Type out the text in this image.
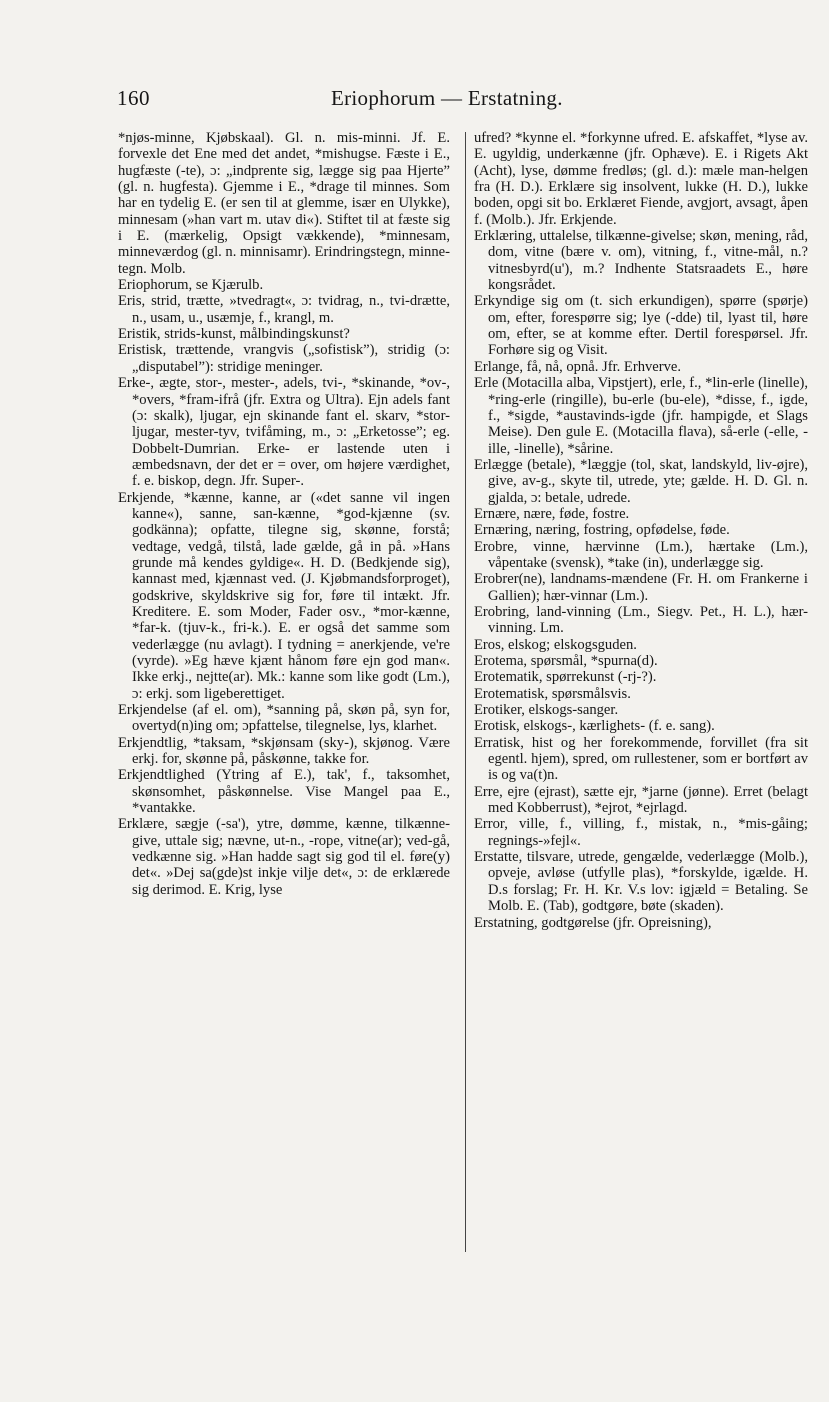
160	Eriophorum — Erstatning.

*njøs-minne, Kjøbskaal). Gl. n. mis-minni. Jf. E. forvexle det Ene med det andet, *mishugse. Fæste i E., hugfæste (-te), ɔ: „indprente sig, lægge sig paa Hjerte” (gl. n. hugfesta). Gjemme i E., *drage til minnes. Som har en tydelig E. (er sen til at glemme, især en Ulykke), minnesam (»han vart m. utav di«). Stiftet til at fæste sig i E. (mærkelig, Opsigt vækkende), *minnesam, minneværdog (gl. n. minnisamr). Erindringstegn, minne-tegn. Molb.

Eriophorum, se Kjærulb.

Eris, strid, trætte, »tvedragt«, ɔ: tvidrag, n., tvi-drætte, n., usam, u., usæmje, f., krangl, m.

Eristik, strids-kunst, målbindingskunst?

Eristisk, trættende, vrangvis („sofistisk”), stridig (ɔ: „disputabel”): stridige meninger.

Erke-, ægte, stor-, mester-, adels, tvi-, *skinande, *ov-, *overs, *fram-ifrå (jfr. Extra og Ultra). Ejn adels fant (ɔ: skalk), ljugar, ejn skinande fant el. skarv, *stor-ljugar, mester-tyv, tvifåming, m., ɔ: „Erketosse”; eg. Dobbelt-Dumrian. Erke- er lastende uten i æmbedsnavn, der det er = over, om højere værdighet, f. e. biskop, degn. Jfr. Super-.

Erkjende, *kænne, kanne, ar («det sanne vil ingen kanne«), sanne, san-kænne, *god-kjænne (sv. godkänna); opfatte, tilegne sig, skønne, forstå; vedtage, vedgå, tilstå, lade gælde, gå in på. »Hans grunde må kendes gyldige«. H. D. (Bedkjende sig), kannast med, kjænnast ved. (J. Kjøbmandsforproget), godskrive, skyldskrive sig for, føre til intækt. Jfr. Kreditere. E. som Moder, Fader osv., *mor-kænne, *far-k. (tjuv-k., fri-k.). E. er også det samme som vederlægge (nu avlagt). I tydning = anerkjende, ve're (vyrde). »Eg hæve kjænt hånom føre ejn god man«. Ikke erkj., nejtte(ar). Mk.: kanne som like godt (Lm.), ɔ: erkj. som ligeberettiget.

Erkjendelse (af el. om), *sanning på, skøn på, syn for, overtyd(n)ing om; ɔpfattelse, tilegnelse, lys, klarhet.

Erkjendtlig, *taksam, *skjønsam (sky-), skjønog. Være erkj. for, skønne på, påskønne, takke for.

Erkjendtlighed (Ytring af E.), tak', f., taksomhet, skønsomhet, påskønnelse. Vise Mangel paa E., *vantakke.

Erklære, sægje (-sa'), ytre, dømme, kænne, tilkænne-give, uttale sig; nævne, ut-n., -rope, vitne(ar); ved-gå, vedkænne sig. »Han hadde sagt sig god til el. føre(y) det«. »Dej sa(gde)st inkje vilje det«, ɔ: de erklærede sig derimod. E. Krig, lyse

ufred? *kynne el. *forkynne ufred. E. afskaffet, *lyse av. E. ugyldig, underkænne (jfr. Ophæve). E. i Rigets Akt (Acht), lyse, dømme fredløs; (gl. d.): mæle man-helgen fra (H. D.). Erklære sig insolvent, lukke (H. D.), lukke boden, opgi sit bo. Erklæret Fiende, avgjort, avsagt, åpen f. (Molb.). Jfr. Erkjende.

Erklæring, uttalelse, tilkænne-givelse; skøn, mening, råd, dom, vitne (bære v. om), vitning, f., vitne-mål, n.? vitnesbyrd(u'), m.? Indhente Statsraadets E., høre kongsrådet.

Erkyndige sig om (t. sich erkundigen), spørre (spørje) om, efter, forespørre sig; lye (-dde) til, lyast til, høre om, efter, se at komme efter. Dertil forespørsel. Jfr. Forhøre sig og Visit.

Erlange, få, nå, opnå. Jfr. Erhverve.

Erle (Motacilla alba, Vipstjert), erle, f., *lin-erle (linelle), *ring-erle (ringille), bu-erle (bu-ele), *disse, f., igde, f., *sigde, *austavinds-igde (jfr. hampigde, et Slags Meise). Den gule E. (Motacilla flava), så-erle (-elle, -ille, -linelle), *sårine.

Erlægge (betale), *læggje (tol, skat, landskyld, liv-øjre), give, av-g., skyte til, utrede, yte; gælde. H. D. Gl. n. gjalda, ɔ: betale, udrede.

Ernære, nære, føde, fostre.

Ernæring, næring, fostring, opfødelse, føde.

Erobre, vinne, hærvinne (Lm.), hærtake (Lm.), våpentake (svensk), *take (in), underlægge sig.

Erobrer(ne), landnams-mændene (Fr. H. om Frankerne i Gallien); hær-vinnar (Lm.).

Erobring, land-vinning (Lm., Siegv. Pet., H. L.), hær-vinning. Lm.

Eros, elskog; elskogsguden.

Erotema, spørsmål, *spurna(d).

Erotematik, spørrekunst (-rj-?).

Erotematisk, spørsmålsvis.

Erotiker, elskogs-sanger.

Erotisk, elskogs-, kærlighets- (f. e. sang).

Erratisk, hist og her forekommende, forvillet (fra sit egentl. hjem), spred, om rullestener, som er bortført av is og va(t)n.

Erre, ejre (ejrast), sætte ejr, *jarne (jønne). Erret (belagt med Kobberrust), *ejrot, *ejrlagd.

Error, ville, f., villing, f., mistak, n., *mis-gåing; regnings-»fejl«.

Erstatte, tilsvare, utrede, gengælde, vederlægge (Molb.), opveje, avløse (utfylle plas), *forskylde, igælde. H. D.s forslag; Fr. H. Kr. V.s lov: igjæld = Betaling. Se Molb. E. (Tab), godtgøre, bøte (skaden).

Erstatning, godtgørelse (jfr. Opreisning),
